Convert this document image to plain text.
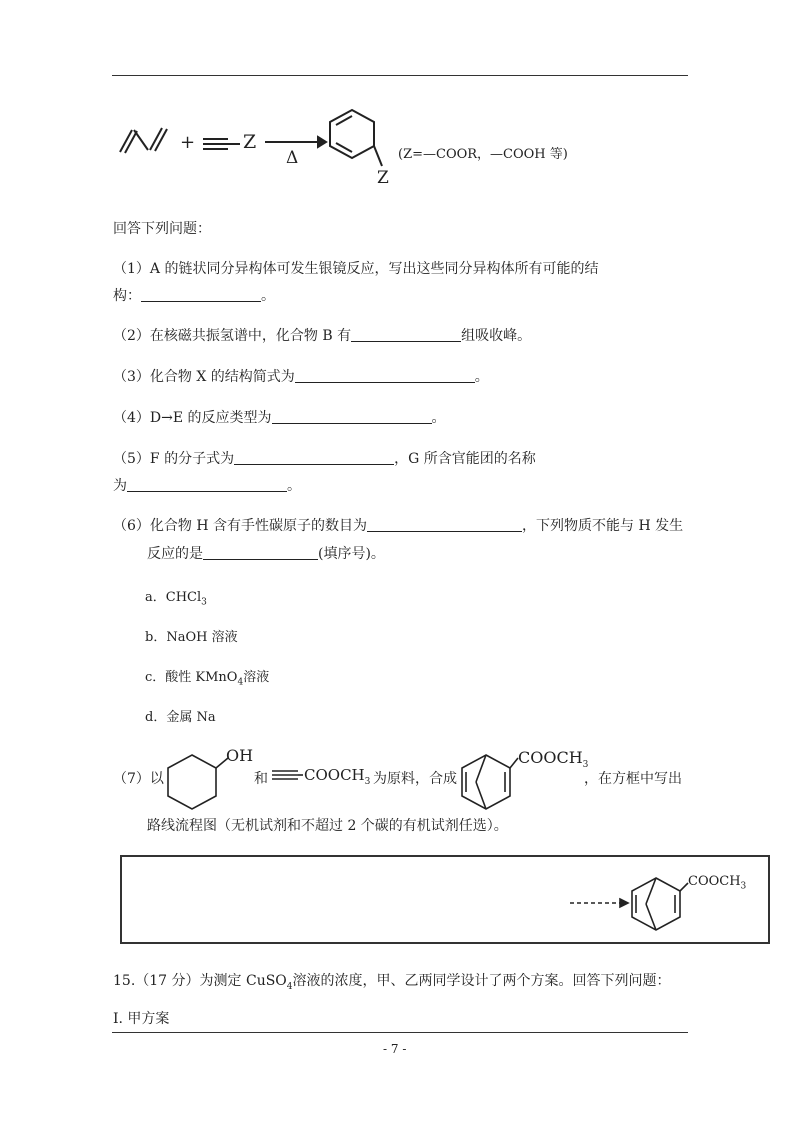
+	Z
Δ
Z
(Z=—COOR，—COOH 等)
回答下列问题：
（1）A 的链状同分异构体可发生银镜反应，写出这些同分异构体所有可能的结
构：	。
（2）在核磁共振氢谱中，化合物 B 有	组吸收峰。
（3）化合物 X 的结构简式为	。
（4）D→E 的反应类型为	。
（5）F 的分子式为	，G 所含官能团的名称
为	。
（6）化合物 H 含有手性碳原子的数目为	，下列物质不能与 H 发生
反应的是	(填序号)。
a．CHCl$_3$
b．NaOH 溶液
c．酸性 KMnO$_4$溶液
d．金属 Na
（7）以
OH
和 $COOCH_3$ 为原料，合成
$COOCH_3$
，在方框中写出
路线流程图（无机试剂和不超过 2 个碳的有机试剂任选）。
$COOCH_3$
15.（17 分）为测定 CuSO$_4$溶液的浓度，甲、乙两同学设计了两个方案。回答下列问题：
I. 甲方案
- 7 -
